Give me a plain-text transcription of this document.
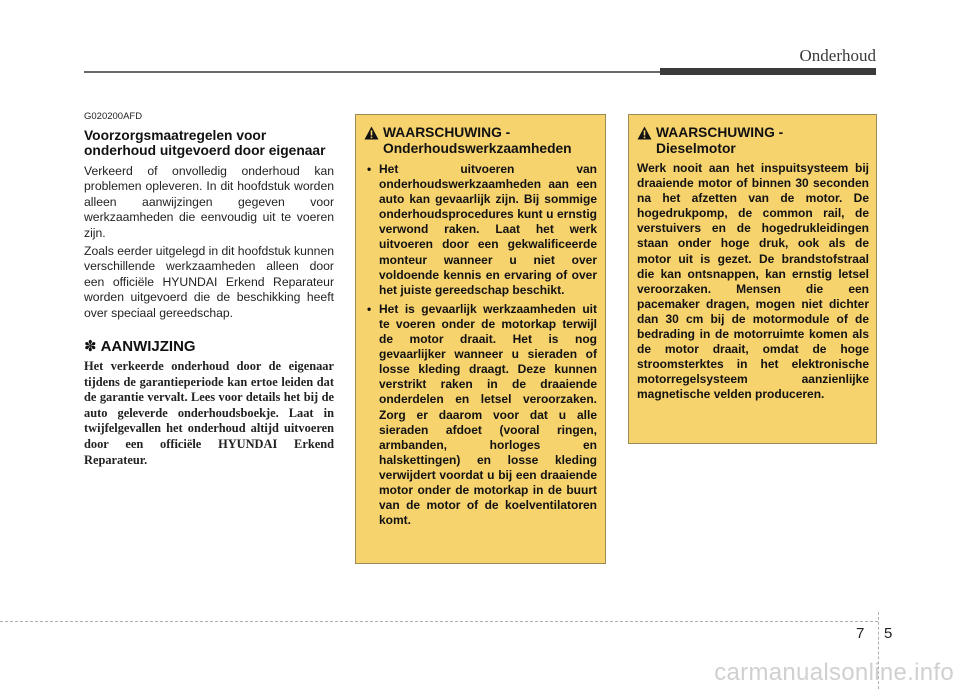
Onderhoud

G020200AFD

Voorzorgsmaatregelen voor onderhoud uitgevoerd door eigenaar

Verkeerd of onvolledig onderhoud kan problemen opleveren. In dit hoofdstuk worden alleen aanwijzingen gegeven voor werkzaamheden die eenvoudig uit te voeren zijn.

Zoals eerder uitgelegd in dit hoofdstuk kunnen verschillende werkzaamheden alleen door een officiële HYUNDAI Erkend Reparateur worden uitgevoerd die de beschikking heeft over speciaal gereedschap.

✽ AANWIJZING

Het verkeerde onderhoud door de eigenaar tijdens de garantieperiode kan ertoe leiden dat de garantie vervalt. Lees voor details het bij de auto geleverde onderhoudsboekje. Laat in twijfelgevallen het onderhoud altijd uitvoeren door een officiële HYUNDAI Erkend Reparateur.

WAARSCHUWING -
Onderhoudswerkzaamheden
• Het uitvoeren van onderhoudswerkzaamheden aan een auto kan gevaarlijk zijn. Bij sommige onderhoudsprocedures kunt u ernstig verwond raken. Laat het werk uitvoeren door een gekwalificeerde monteur wanneer u niet over voldoende kennis en ervaring of over het juiste gereedschap beschikt.
• Het is gevaarlijk werkzaamheden uit te voeren onder de motorkap terwijl de motor draait. Het is nog gevaarlijker wanneer u sieraden of losse kleding draagt. Deze kunnen verstrikt raken in de draaiende onderdelen en letsel veroorzaken. Zorg er daarom voor dat u alle sieraden afdoet (vooral ringen, armbanden, horloges en halskettingen) en losse kleding verwijdert voordat u bij een draaiende motor onder de motorkap in de buurt van de motor of de koelventilatoren komt.
WAARSCHUWING -
Dieselmotor

Werk nooit aan het inspuitsysteem bij draaiende motor of binnen 30 seconden na het afzetten van de motor. De hogedrukpomp, de common rail, de verstuivers en de hogedrukleidingen staan onder hoge druk, ook als de motor uit is gezet. De brandstofstraal die kan ontsnappen, kan ernstig letsel veroorzaken. Mensen die een pacemaker dragen, mogen niet dichter dan 30 cm bij de motormodule of de bedrading in de motorruimte komen als de motor draait, omdat de hoge stroomsterktes in het elektronische motorregelsysteem aanzienlijke magnetische velden produceren.

7 5
carmanualsonline.info
